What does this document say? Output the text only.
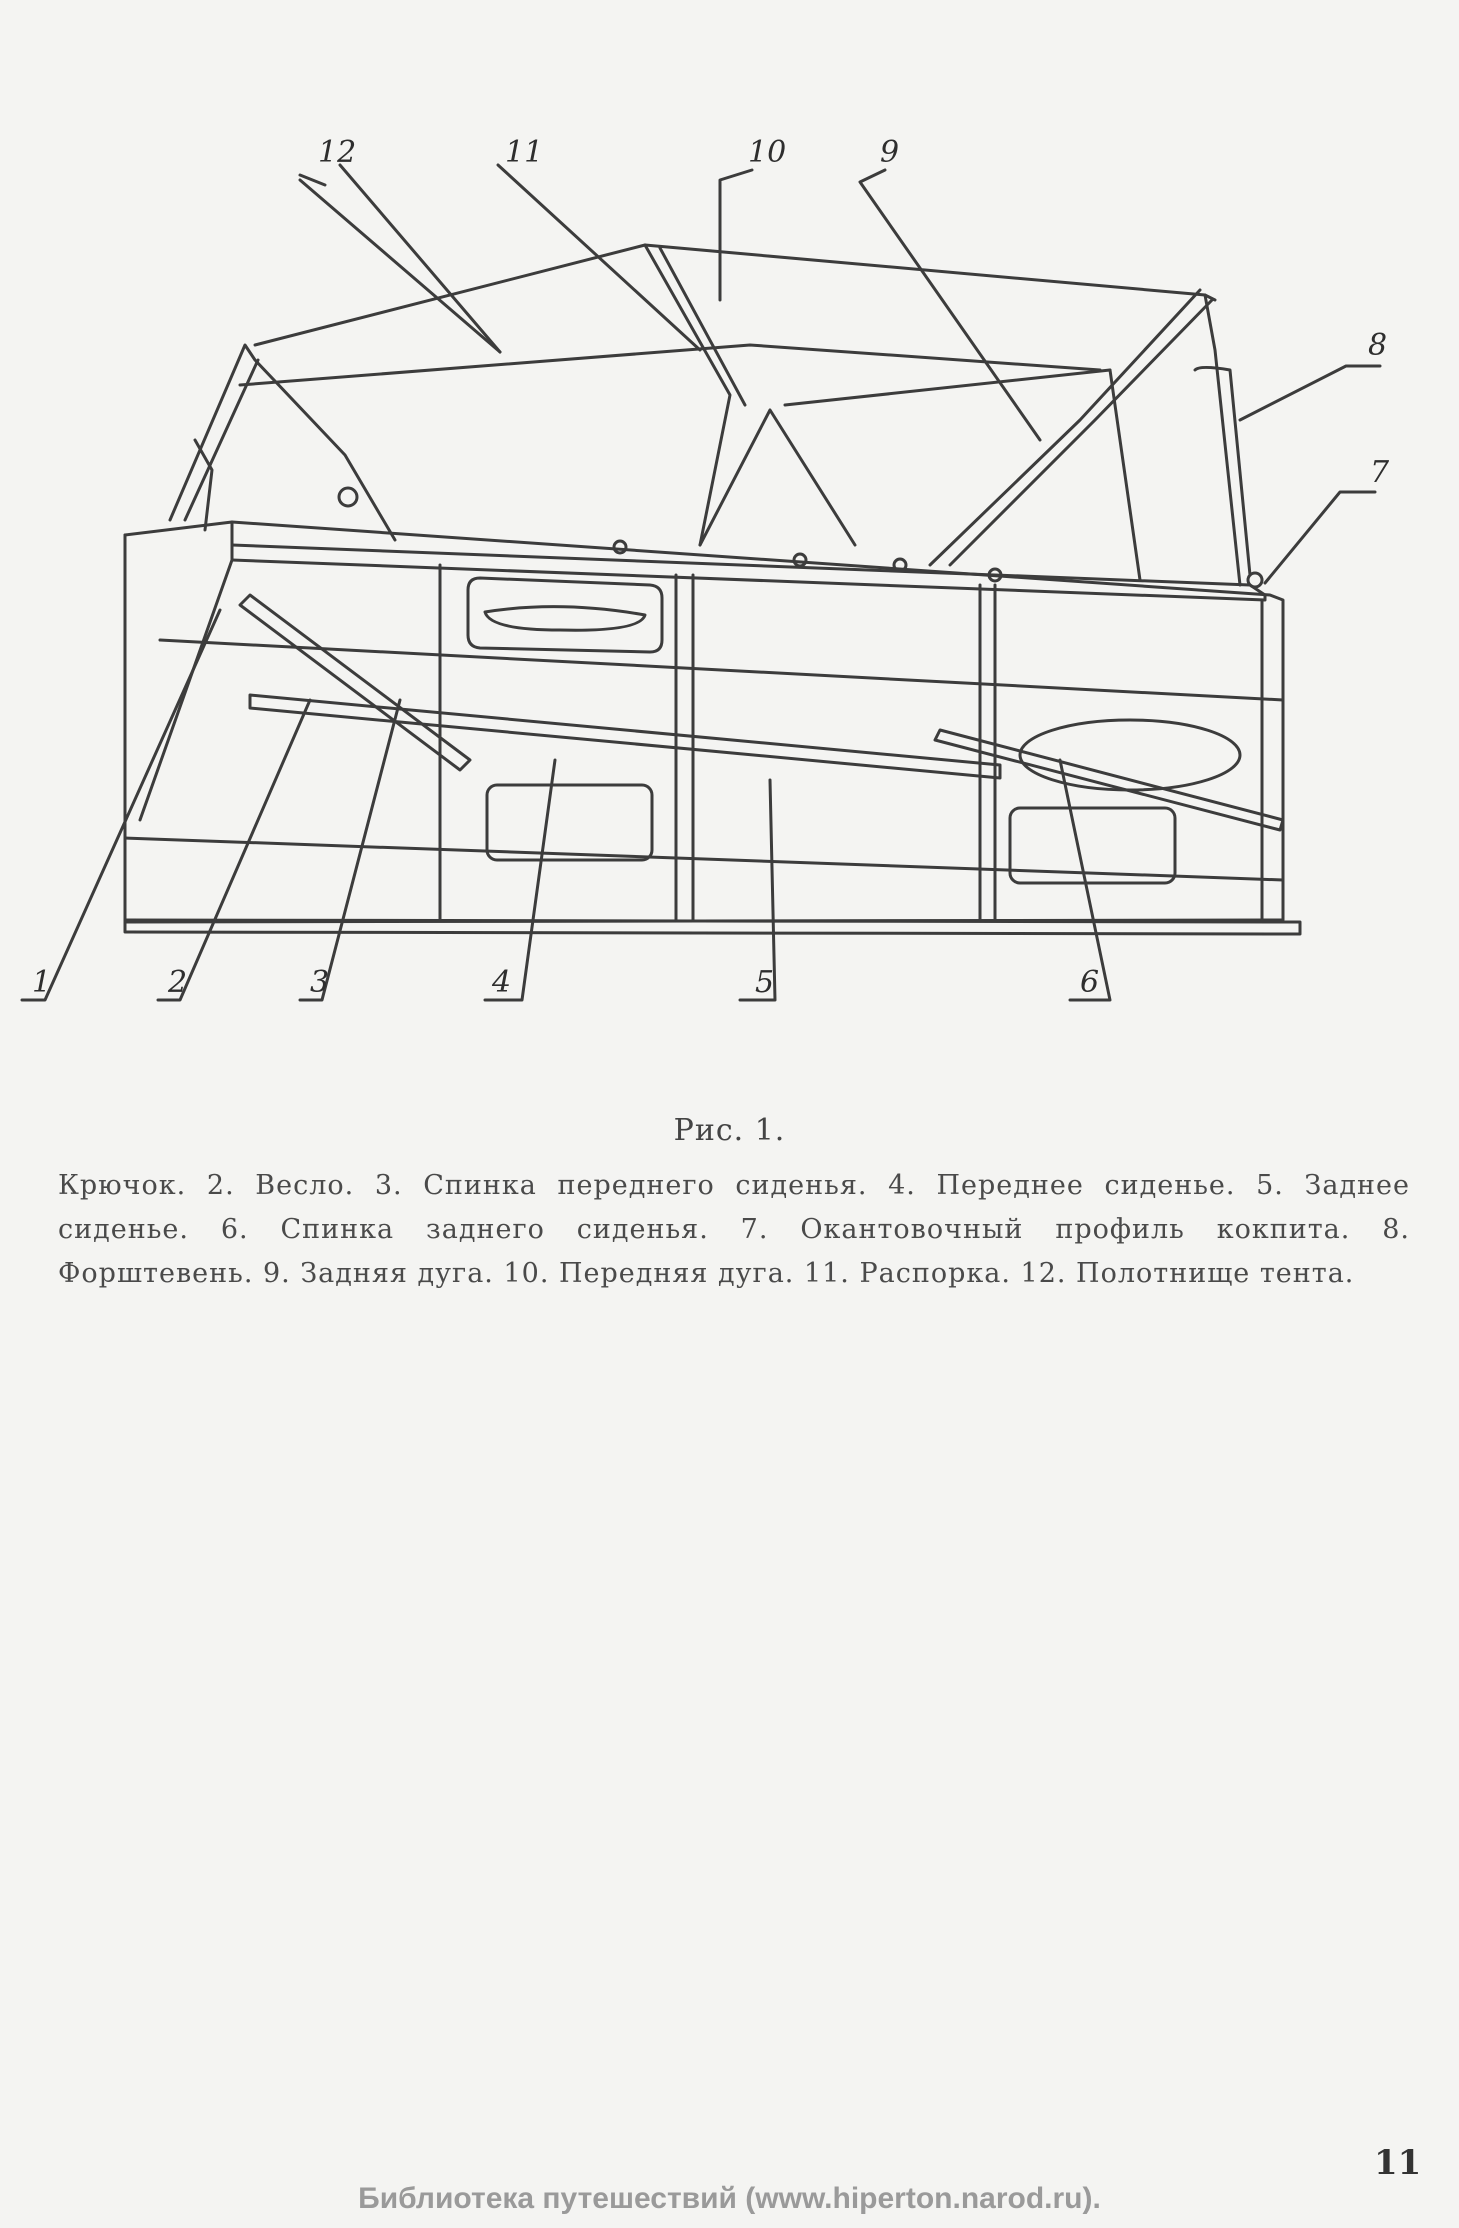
12	11	10	9
8
7
1	2	3	4	5	6
Рис. 1.
Крючок. 2. Весло. 3. Спинка переднего сиденья. 4. Переднее сиденье. 5. Заднее сиденье. 6. Спинка заднего сиденья. 7. Окантовочный профиль кокпита. 8. Форштевень. 9. Задняя дуга. 10. Передняя дуга. 11. Распорка. 12. Полотнище тента.
11
Библиотека путешествий (www.hiperton.narod.ru).
